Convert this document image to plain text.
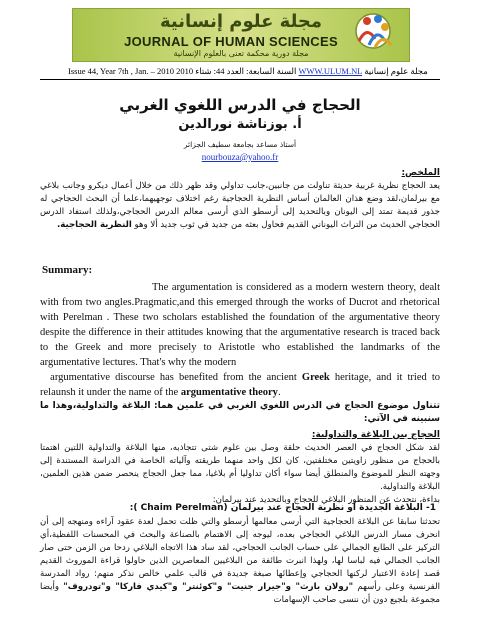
مجلة علوم إنسانية
JOURNAL OF HUMAN SCIENCES
مجلة دورية محكمة تعنى بالعلوم الإنسانية
Issue 44, Year 7th , Jan. – 2010 السنة السابعة: العدد 44: شتاء 2010 WWW.ULUM.NL مجلة علوم إنسانية
الحجاج في الدرس اللغوي الغربي
أ. بوزناشة نورالدين
أستاذ مساعد بجامعة سطيف الجزائر
nourbouza@yahoo.fr
الملخص:
يعد الحجاج نظرية غربية حديثة تناولت من جانبين،جانب تداولي وقد ظهر ذلك من خلال أعمال ديكرو وجانب بلاغي مع بيرلمان،لقد وضع هذان العالمان أساس النظرية الحجاجية رغم اختلاف توجهيهما،علما أن البحث الحجاجي له جذور قديمة تمتد إلى اليونان وبالتحديد إلى أرسطو الذي أرسى معالم الدرس الحجاجي،ولذلك استفاد الدرس الحجاجي الحديث من التراث اليوناني القديم فحاول بعثه من جديد في ثوب جديد ألا وهو النظرية الحجاجية.
Summary:
The argumentation is considered as a modern western theory, dealt with from two angles.Pragmatic,and this emerged through the works of Ducrot and rhetorical with Perelman . These two scholars established the foundation of the argumentative theory despite the difference in their attitudes knowing that the argumentative research is traced back to the Greek and more precisely to Aristotle who established the landmarks of the argumentative lectures. That's why the modern
argumentative discourse has benefited from the ancient Greek heritage, and it tried to relaunsh it under the name of the argumentative theory.
تتناول موضوع الحجاج في الدرس اللغوي الغربي في علمين هما: البلاغة والتداولية،وهذا ما سنبينه في الآتي:
الحجاج بين البلاغة والتداولية:
لقد شكل الحجاج في العصر الحديث حلقة وصل بين علوم شتى تتجاذبه، منها البلاغة والتداولية اللتين اهتمتا بالحجاج من منظور زاويتين مختلفتين، كان لكل واحد منهما طريقته وآلياته الخاصة في الدراسة المستندة إلى وجهته النظر للموضوع والمنطلق أيضا سواء أكان تداوليا أم بلاغيا، مما جعل الحجاج ينحصر ضمن هذين العلمين، البلاغة والتداولية.
بداءة، نتحدث عن المنظور البلاغي للحجاج وبالتحديد عند بيرلمان:
1- البلاغة الجديدة أو نظرية الحجاج عند بيرلمان (Chaim Perelman ):
تحدثنا سابقا عن البلاغة الحجاجية التي أرسى معالمها أرسطو والتي ظلت تحمل لعدة عقود آراءه ومنهجه إلى أن انحرف مسار الدرس البلاغي الحجاجي بعده، ليوجه إلى الاهتمام بالصناعة والبحث في المحسنات اللفظية،أي التركيز على الطابع الجمالي على حساب الجانب الحجاجي، لقد ساد هذا الاتجاه البلاغي ردحا من الزمن حتى صار الجانب الجمالي فيه لباسا لها، ولهذا انبرت طائفة من البلاغيين المعاصرين الذين حاولوا قراءة الموروث القديم قصد إعادة الاعتبار لركنها الحجاجي وإعطائها صبغة جديدة في قالب علمي خالص نذكر منهم: رواد المدرسة الفرنسية وعلى رأسهم "رولان بارث" و"جيرار جنيت" و"كوئنتر" و"كيدي فاركا" و"تودروف" وأيضا مجموعة بلجيع دون أن ننسى صاحب الإسهامات
